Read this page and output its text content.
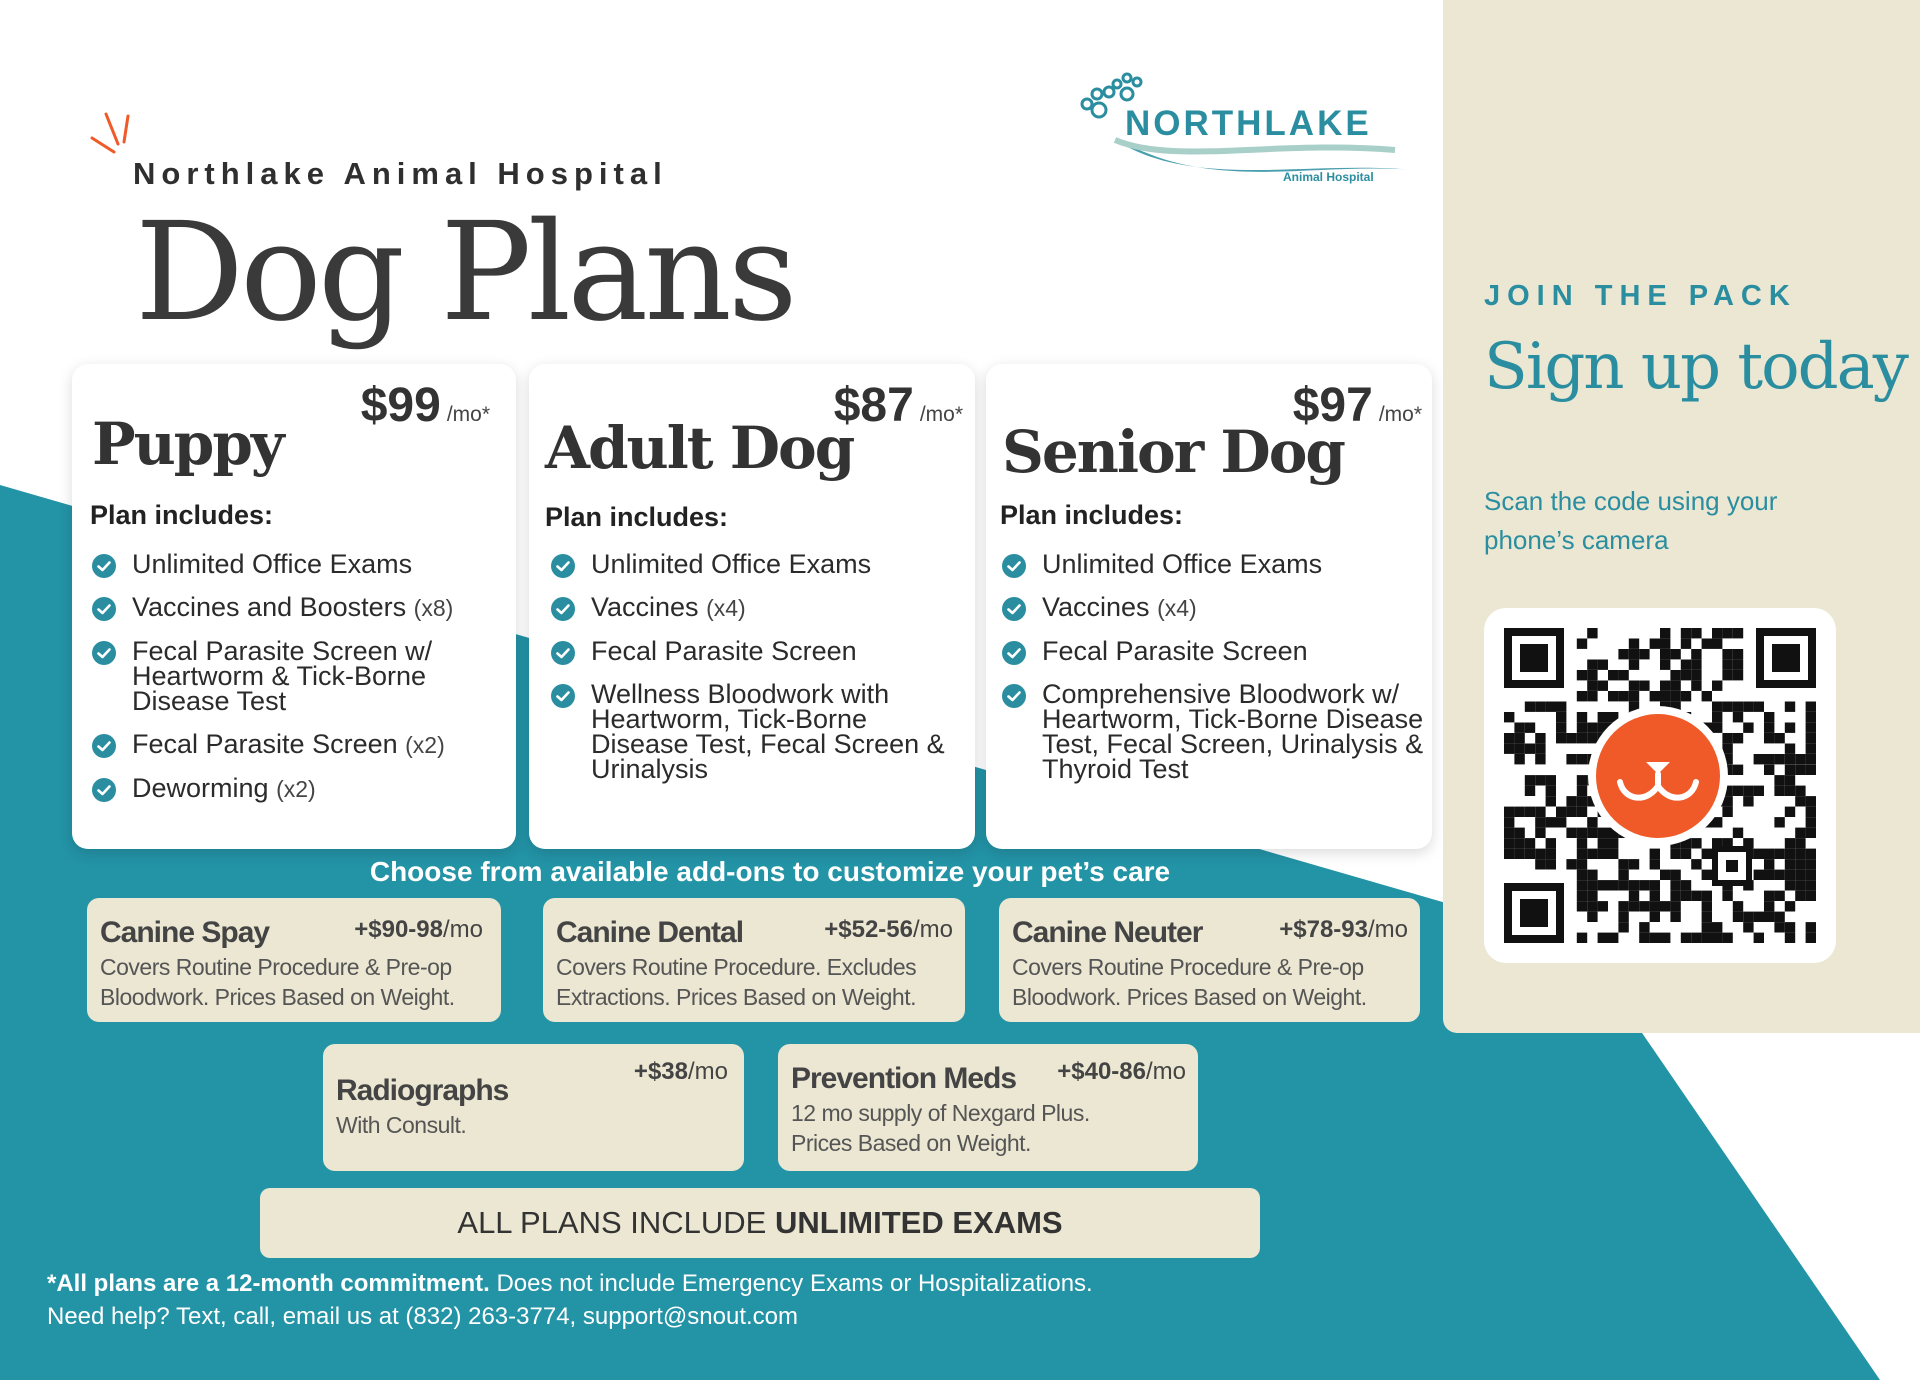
Northlake Animal Hospital
Dog Plans
NORTHLAKE
Animal Hospital
$99 /mo*
Puppy
Plan includes:
Unlimited Office Exams
Vaccines and Boosters (x8)
Fecal Parasite Screen w/ Heartworm & Tick-Borne Disease Test
Fecal Parasite Screen (x2)
Deworming (x2)
$87 /mo*
Adult Dog
Plan includes:
Unlimited Office Exams
Vaccines (x4)
Fecal Parasite Screen
Wellness Bloodwork with Heartworm, Tick-Borne Disease Test, Fecal Screen & Urinalysis
$97 /mo*
Senior Dog
Plan includes:
Unlimited Office Exams
Vaccines (x4)
Fecal Parasite Screen
Comprehensive Bloodwork w/ Heartworm, Tick-Borne Disease Test, Fecal Screen, Urinalysis & Thyroid Test
Choose from available add-ons to customize your pet’s care
Canine Spay	+$90-98/mo
Covers Routine Procedure & Pre-op
Bloodwork. Prices Based on Weight.
Canine Dental	+$52-56/mo
Covers Routine Procedure. Excludes
Extractions. Prices Based on Weight.
Canine Neuter	+$78-93/mo
Covers Routine Procedure & Pre-op
Bloodwork. Prices Based on Weight.
Radiographs
+$38/mo
With Consult.
Prevention Meds +$40-86/mo
12 mo supply of Nexgard Plus.
Prices Based on Weight.
ALL PLANS INCLUDE UNLIMITED EXAMS
*All plans are a 12-month commitment. Does not include Emergency Exams or Hospitalizations.
Need help? Text, call, email us at (832) 263-3774, support@snout.com
JOIN THE PACK
Sign up today
Scan the code using your phone’s camera
